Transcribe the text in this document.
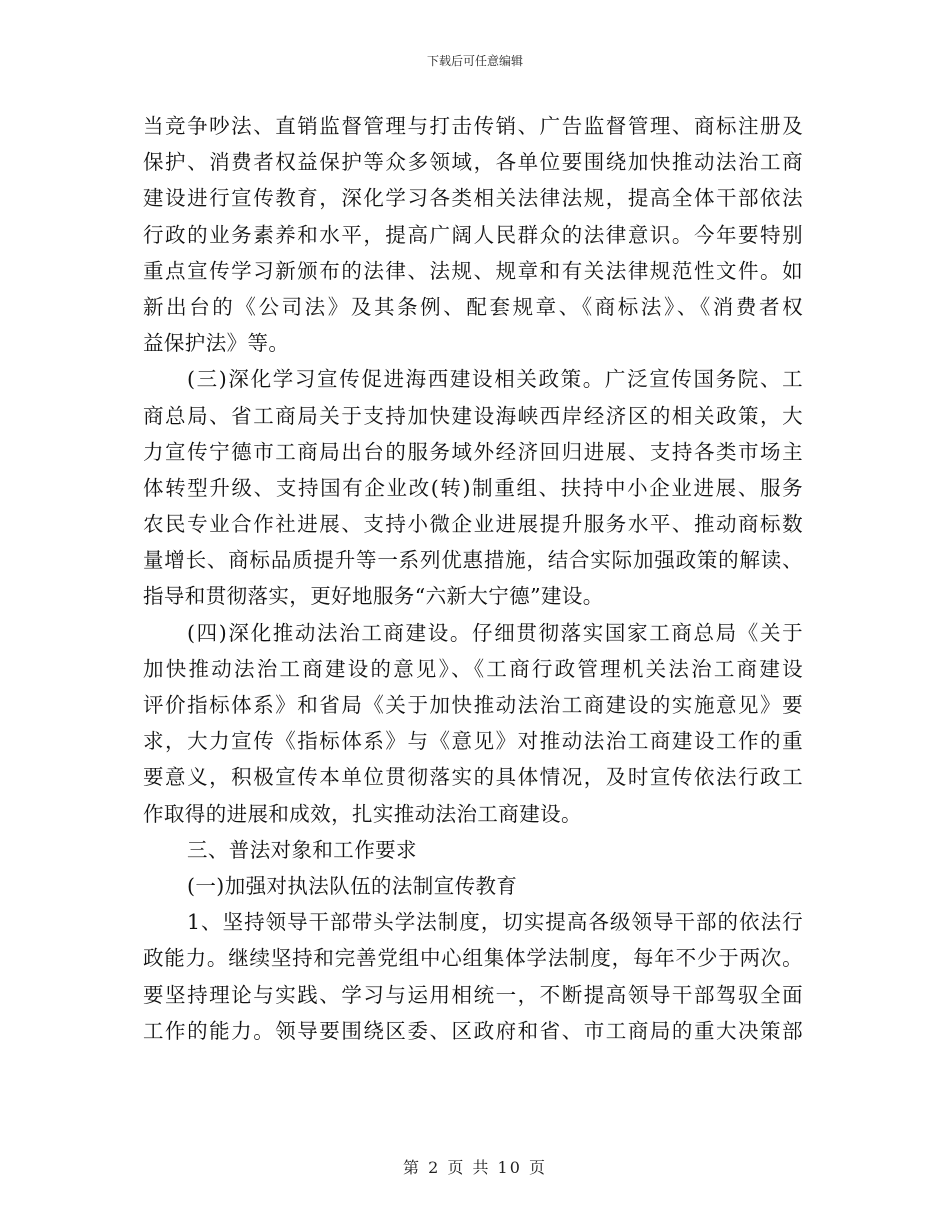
下载后可任意编辑
当竞争吵法、直销监督管理与打击传销、广告监督管理、商标注册及
保护、消费者权益保护等众多领域，各单位要围绕加快推动法治工商
建设进行宣传教育，深化学习各类相关法律法规，提高全体干部依法
行政的业务素养和水平，提高广阔人民群众的法律意识。今年要特别
重点宣传学习新颁布的法律、法规、规章和有关法律规范性文件。如
新出台的《公司法》及其条例、配套规章、《商标法》、《消费者权
益保护法》等。
(三)深化学习宣传促进海西建设相关政策。广泛宣传国务院、工
商总局、省工商局关于支持加快建设海峡西岸经济区的相关政策，大
力宣传宁德市工商局出台的服务域外经济回归进展、支持各类市场主
体转型升级、支持国有企业改(转)制重组、扶持中小企业进展、服务
农民专业合作社进展、支持小微企业进展提升服务水平、推动商标数
量增长、商标品质提升等一系列优惠措施，结合实际加强政策的解读、
指导和贯彻落实，更好地服务“六新大宁德”建设。
(四)深化推动法治工商建设。仔细贯彻落实国家工商总局《关于
加快推动法治工商建设的意见》、《工商行政管理机关法治工商建设
评价指标体系》和省局《关于加快推动法治工商建设的实施意见》要
求，大力宣传《指标体系》与《意见》对推动法治工商建设工作的重
要意义，积极宣传本单位贯彻落实的具体情况，及时宣传依法行政工
作取得的进展和成效，扎实推动法治工商建设。
三、普法对象和工作要求
(一)加强对执法队伍的法制宣传教育
1、坚持领导干部带头学法制度，切实提高各级领导干部的依法行
政能力。继续坚持和完善党组中心组集体学法制度，每年不少于两次。
要坚持理论与实践、学习与运用相统一，不断提高领导干部驾驭全面
工作的能力。领导要围绕区委、区政府和省、市工商局的重大决策部
第 2 页 共 10 页
